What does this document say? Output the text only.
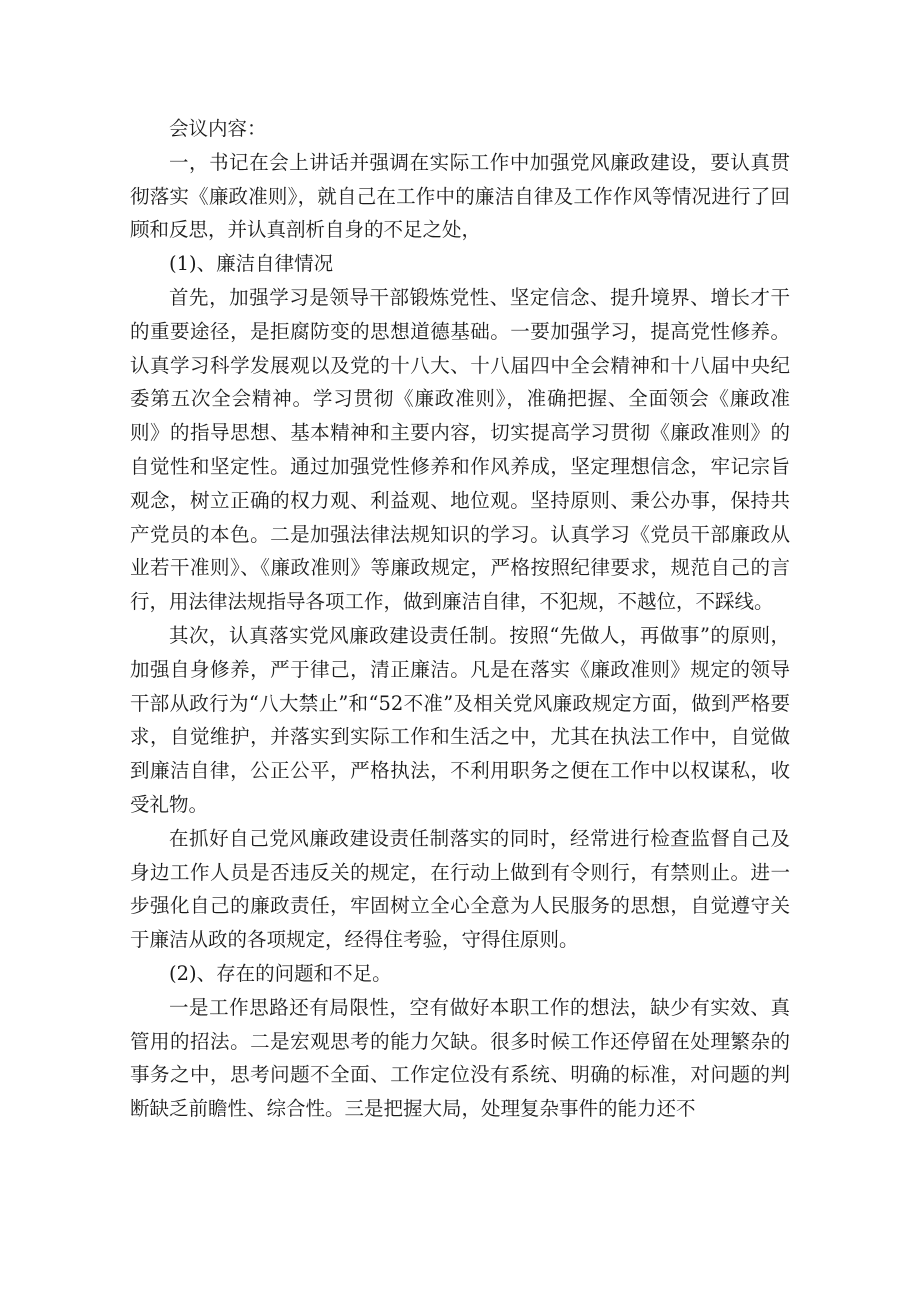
会议内容：

一，书记在会上讲话并强调在实际工作中加强党风廉政建设，要认真贯彻落实《廉政准则》，就自己在工作中的廉洁自律及工作作风等情况进行了回顾和反思，并认真剖析自身的不足之处，

(1)、廉洁自律情况

首先，加强学习是领导干部锻炼党性、坚定信念、提升境界、增长才干的重要途径，是拒腐防变的思想道德基础。一要加强学习，提高党性修养。认真学习科学发展观以及党的十八大、十八届四中全会精神和十八届中央纪委第五次全会精神。学习贯彻《廉政准则》，准确把握、全面领会《廉政准则》的指导思想、基本精神和主要内容，切实提高学习贯彻《廉政准则》的自觉性和坚定性。通过加强党性修养和作风养成，坚定理想信念，牢记宗旨观念，树立正确的权力观、利益观、地位观。坚持原则、秉公办事，保持共产党员的本色。二是加强法律法规知识的学习。认真学习《党员干部廉政从业若干准则》、《廉政准则》等廉政规定，严格按照纪律要求，规范自己的言行，用法律法规指导各项工作，做到廉洁自律，不犯规，不越位，不踩线。

其次，认真落实党风廉政建设责任制。按照“先做人，再做事”的原则，加强自身修养，严于律己，清正廉洁。凡是在落实《廉政准则》规定的领导干部从政行为“八大禁止”和“52不准”及相关党风廉政规定方面，做到严格要求，自觉维护，并落实到实际工作和生活之中，尤其在执法工作中，自觉做到廉洁自律，公正公平，严格执法，不利用职务之便在工作中以权谋私，收受礼物。

在抓好自己党风廉政建设责任制落实的同时，经常进行检查监督自己及身边工作人员是否违反关的规定，在行动上做到有令则行，有禁则止。进一步强化自己的廉政责任，牢固树立全心全意为人民服务的思想，自觉遵守关于廉洁从政的各项规定，经得住考验，守得住原则。

(2)、存在的问题和不足。

一是工作思路还有局限性，空有做好本职工作的想法，缺少有实效、真管用的招法。二是宏观思考的能力欠缺。很多时候工作还停留在处理繁杂的事务之中，思考问题不全面、工作定位没有系统、明确的标准，对问题的判断缺乏前瞻性、综合性。三是把握大局，处理复杂事件的能力还不
